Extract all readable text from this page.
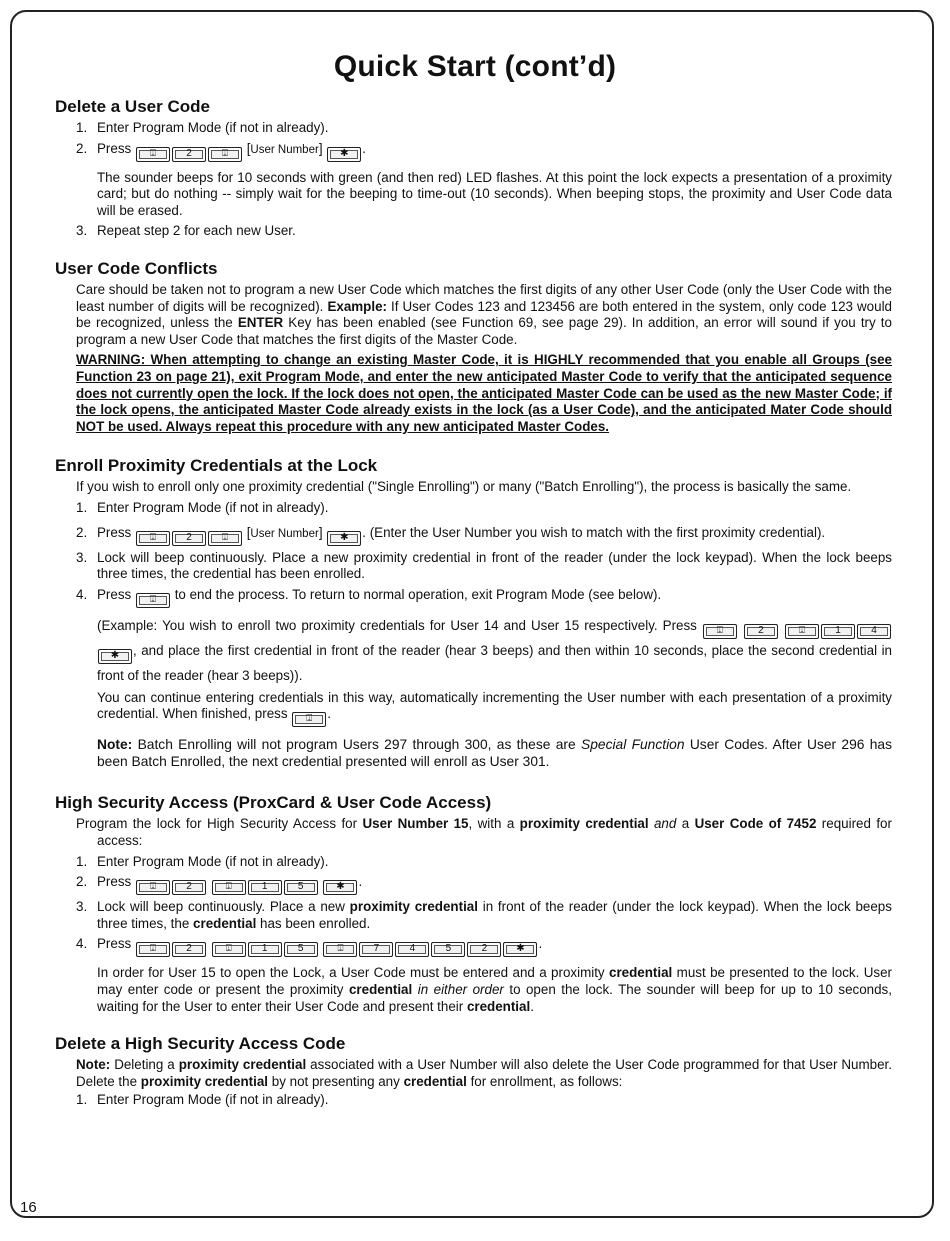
Quick Start (cont’d)
Delete a User Code
1. Enter Program Mode (if not in already).
2. Press ⍗	2	⍗ [User Number] ✱ .
The sounder beeps for 10 seconds with green (and then red) LED flashes. At this point the lock expects a presentation of a proximity card; but do nothing -- simply wait for the beeping to time-out (10 seconds). When beeping stops, the proximity and User Code data will be erased.
3. Repeat step 2 for each new User.
User Code Conflicts
Care should be taken not to program a new User Code which matches the first digits of any other User Code (only the User Code with the least number of digits will be recognized). Example: If User Codes 123 and 123456 are both entered in the system, only code 123 would be recognized, unless the ENTER Key has been enabled (see Function 69, see page 29). In addition, an error will sound if you try to program a new User Code that matches the first digits of the Master Code.
WARNING: When attempting to change an existing Master Code, it is HIGHLY recommended that you enable all Groups (see Function 23 on page 21), exit Program Mode, and enter the new anticipated Master Code to verify that the anticipated sequence does not currently open the lock. If the lock does not open, the anticipated Master Code can be used as the new Master Code; if the lock opens, the anticipated Master Code already exists in the lock (as a User Code), and the anticipated Mater Code should NOT be used. Always repeat this procedure with any new anticipated Master Codes.
Enroll Proximity Credentials at the Lock
If you wish to enroll only one proximity credential ("Single Enrolling") or many ("Batch Enrolling"), the process is basically the same.
1. Enter Program Mode (if not in already).
2. Press ⍗	2	⍗ [User Number] ✱ . (Enter the User Number you wish to match with the first proximity credential).
3. Lock will beep continuously. Place a new proximity credential in front of the reader (under the lock keypad). When the lock beeps three times, the credential has been enrolled.
4. Press ⍗ to end the process. To return to normal operation, exit Program Mode (see below).
(Example: You wish to enroll two proximity credentials for User 14 and User 15 respectively. Press ⍗	2	⍗	1	4✱ , and place the first credential in front of the reader (hear 3 beeps) and then within 10 seconds, place the second credential in front of the reader (hear 3 beeps)).
You can continue entering credentials in this way, automatically incrementing the User number with each presentation of a proximity credential. When finished, press ⍗ .
Note: Batch Enrolling will not program Users 297 through 300, as these are Special Function User Codes. After User 296 has been Batch Enrolled, the next credential presented will enroll as User 301.
High Security Access (ProxCard & User Code Access)
Program the lock for High Security Access for User Number 15, with a proximity credential and a User Code of 7452 required for access:
1. Enter Program Mode (if not in already).
2. Press ⍗	2	⍗	1	5	✱ .
3. Lock will beep continuously. Place a new proximity credential in front of the reader (under the lock keypad). When the lock beeps three times, the credential has been enrolled.
4. Press ⍗	2	⍗	1	5	⍗	7	4	5	2	✱ .
In order for User 15 to open the Lock, a User Code must be entered and a proximity credential must be presented to the lock. User may enter code or present the proximity credential in either order to open the lock. The sounder will beep for up to 10 seconds, waiting for the User to enter their User Code and present their credential.
Delete a High Security Access Code
Note: Deleting a proximity credential associated with a User Number will also delete the User Code programmed for that User Number. Delete the proximity credential by not presenting any credential for enrollment, as follows:
1. Enter Program Mode (if not in already).
16
